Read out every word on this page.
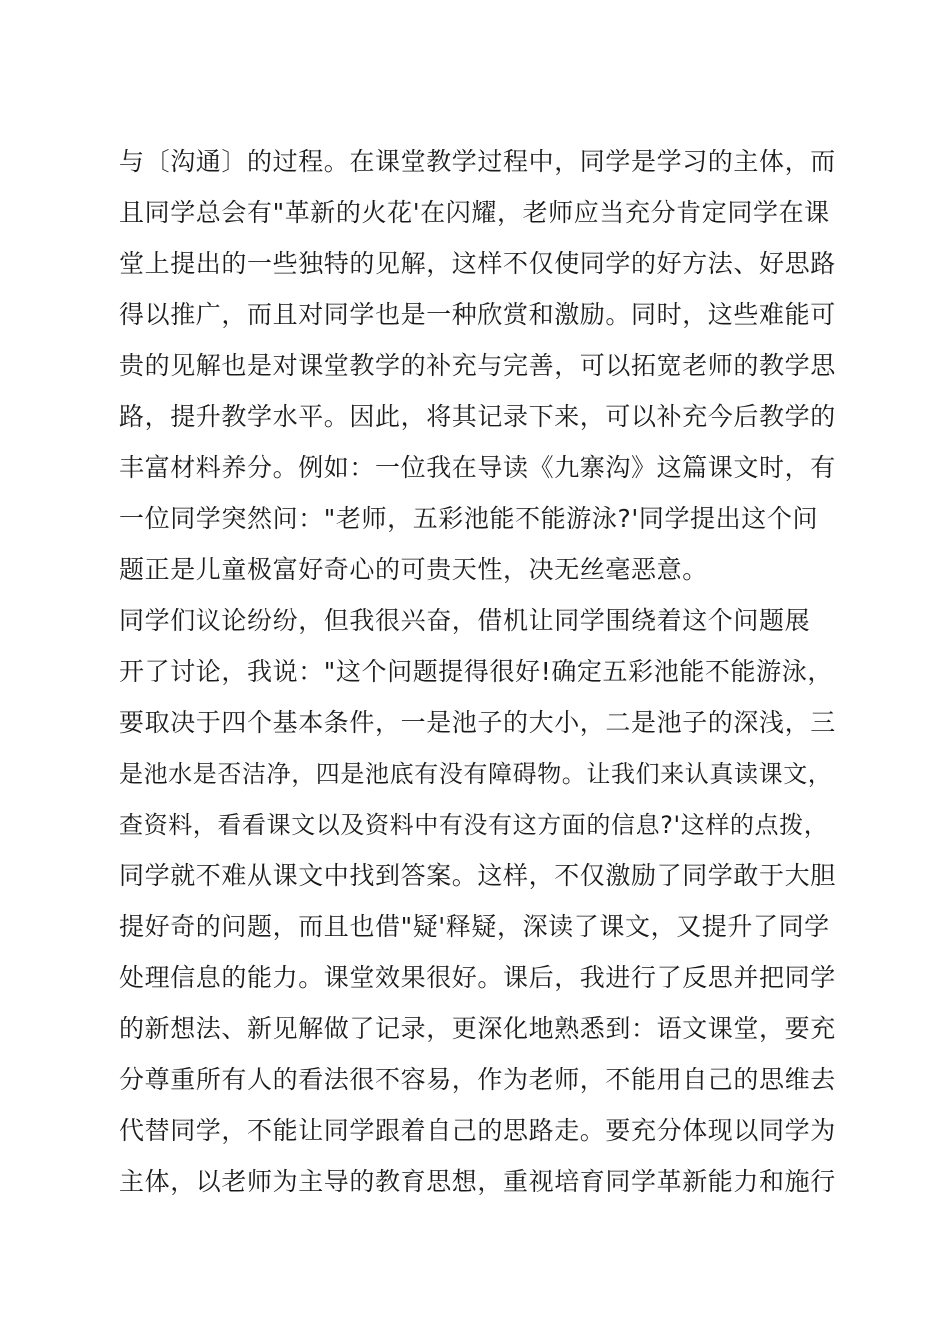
与〔沟通〕的过程。在课堂教学过程中，同学是学习的主体，而
且同学总会有"革新的火花'在闪耀，老师应当充分肯定同学在课
堂上提出的一些独特的见解，这样不仅使同学的好方法、好思路
得以推广，而且对同学也是一种欣赏和激励。同时，这些难能可
贵的见解也是对课堂教学的补充与完善，可以拓宽老师的教学思
路，提升教学水平。因此，将其记录下来，可以补充今后教学的
丰富材料养分。例如：一位我在导读《九寨沟》这篇课文时，有
一位同学突然问："老师，五彩池能不能游泳?'同学提出这个问
题正是儿童极富好奇心的可贵天性，决无丝毫恶意。
同学们议论纷纷，但我很兴奋，借机让同学围绕着这个问题展
开了讨论，我说："这个问题提得很好!确定五彩池能不能游泳，
要取决于四个基本条件，一是池子的大小，二是池子的深浅，三
是池水是否洁净，四是池底有没有障碍物。让我们来认真读课文，
查资料，看看课文以及资料中有没有这方面的信息?'这样的点拨，
同学就不难从课文中找到答案。这样，不仅激励了同学敢于大胆
提好奇的问题，而且也借"疑'释疑，深读了课文，又提升了同学
处理信息的能力。课堂效果很好。课后，我进行了反思并把同学
的新想法、新见解做了记录，更深化地熟悉到：语文课堂，要充
分尊重所有人的看法很不容易，作为老师，不能用自己的思维去
代替同学，不能让同学跟着自己的思路走。要充分体现以同学为
主体，以老师为主导的教育思想，重视培育同学革新能力和施行
